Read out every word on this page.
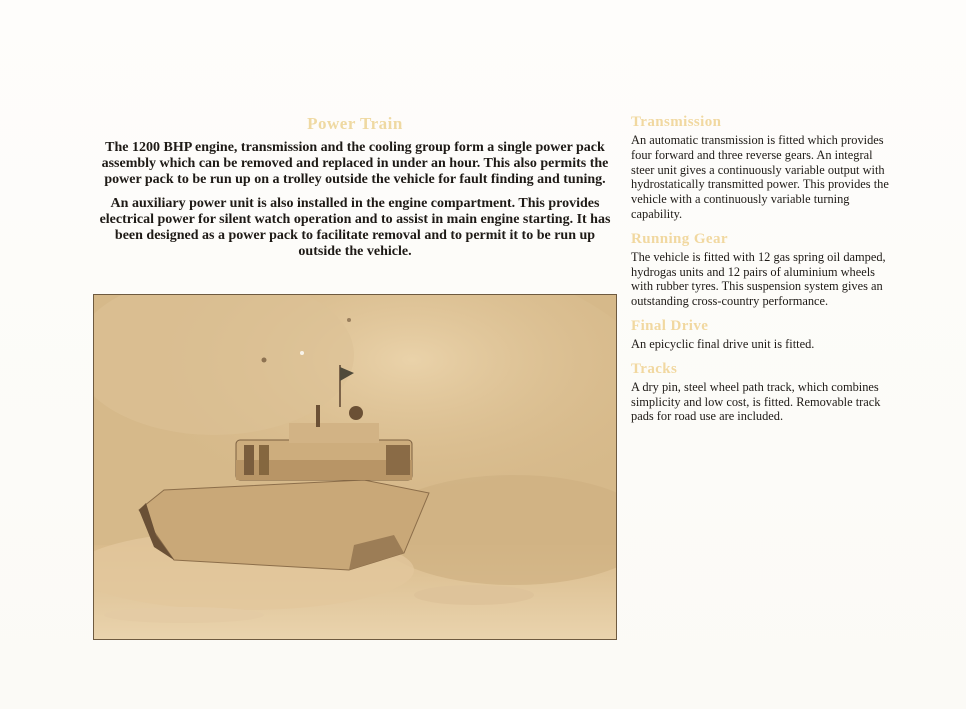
Power Train

The 1200 BHP engine, transmission and the cooling group form a single power pack assembly which can be removed and replaced in under an hour. This also permits the power pack to be run up on a trolley outside the vehicle for fault finding and tuning.

An auxiliary power unit is also installed in the engine compartment. This provides electrical power for silent watch operation and to assist in main engine starting. It has been designed as a power pack to facilitate removal and to permit it to be run up outside the vehicle.

Transmission

An automatic transmission is fitted which provides four forward and three reverse gears. An integral steer unit gives a continuously variable output with hydrostatically transmitted power. This provides the vehicle with a continuously variable turning capability.

Running Gear

The vehicle is fitted with 12 gas spring oil damped, hydrogas units and 12 pairs of aluminium wheels with rubber tyres. This suspension system gives an outstanding cross-country performance.

Final Drive

An epicyclic final drive unit is fitted.

Tracks

A dry pin, steel wheel path track, which combines simplicity and low cost, is fitted. Removable track pads for road use are included.
